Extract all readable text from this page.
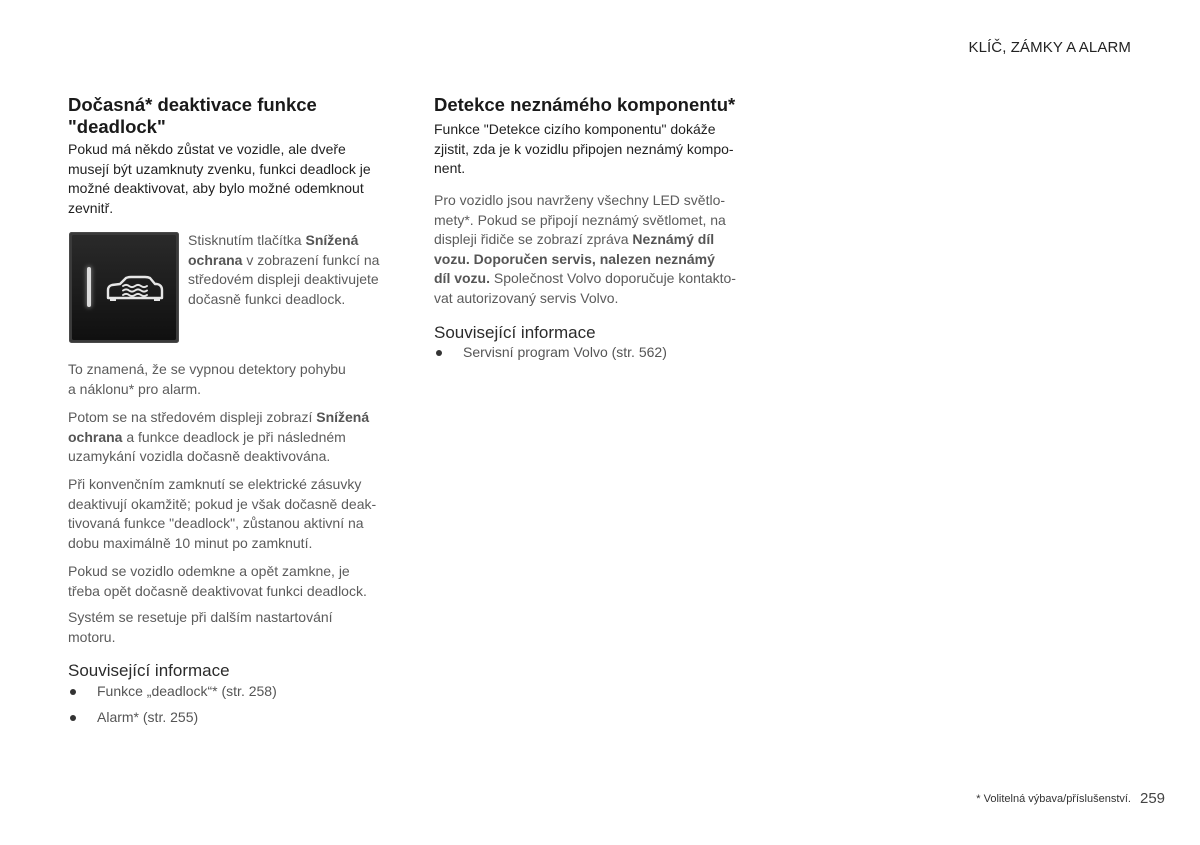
KLÍČ, ZÁMKY A ALARM
Dočasná* deaktivace funkce
"deadlock"
Pokud má někdo zůstat ve vozidle, ale dveře
musejí být uzamknuty zvenku, funkci deadlock je
možné deaktivovat, aby bylo možné odemknout
zevnitř.
Stisknutím tlačítka Snížená
ochrana v zobrazení funkcí na
středovém displeji deaktivujete
dočasně funkci deadlock.
To znamená, že se vypnou detektory pohybu
a náklonu* pro alarm.
Potom se na středovém displeji zobrazí Snížená
ochrana a funkce deadlock je při následném
uzamykání vozidla dočasně deaktivována.
Při konvenčním zamknutí se elektrické zásuvky
deaktivují okamžitě; pokud je však dočasně deak-
tivovaná funkce "deadlock", zůstanou aktivní na
dobu maximálně 10 minut po zamknutí.
Pokud se vozidlo odemkne a opět zamkne, je
třeba opět dočasně deaktivovat funkci deadlock.
Systém se resetuje při dalším nastartování
motoru.
Související informace
Funkce „deadlock“* (str. 258)
Alarm* (str. 255)
Detekce neznámého komponentu*
Funkce "Detekce cizího komponentu" dokáže
zjistit, zda je k vozidlu připojen neznámý kompo-
nent.
Pro vozidlo jsou navrženy všechny LED světlo-
mety*. Pokud se připojí neznámý světlomet, na
displeji řidiče se zobrazí zpráva Neznámý díl
vozu. Doporučen servis, nalezen neznámý
díl vozu. Společnost Volvo doporučuje kontakto-
vat autorizovaný servis Volvo.
Související informace
Servisní program Volvo (str. 562)
* Volitelná výbava/příslušenství. 259
